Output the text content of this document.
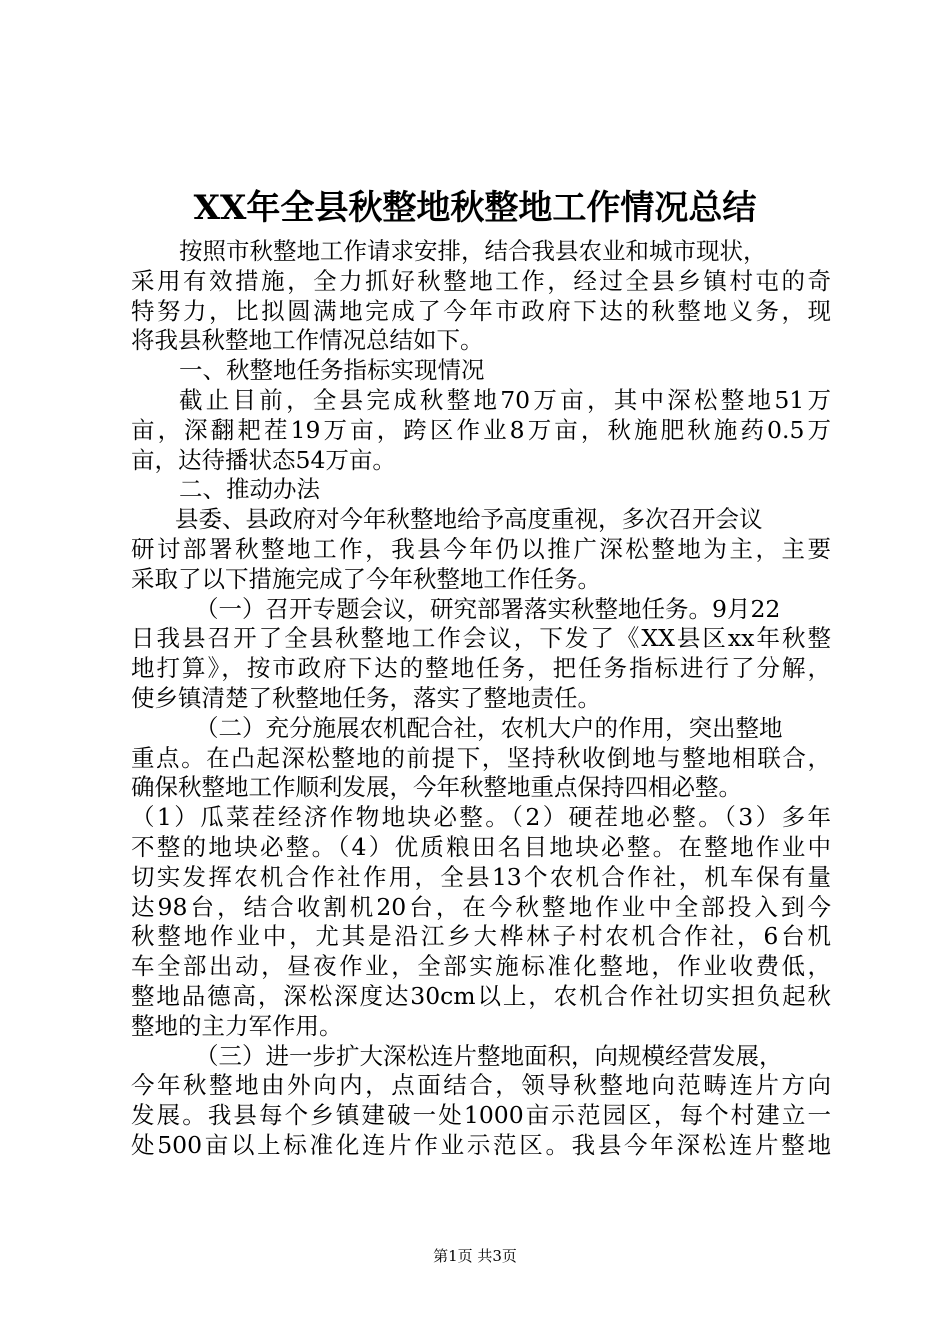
XX年全县秋整地秋整地工作情况总结
按照市秋整地工作请求安排，结合我县农业和城市现状，
采用有效措施，全力抓好秋整地工作，经过全县乡镇村屯的奇
特努力，比拟圆满地完成了今年市政府下达的秋整地义务，现
将我县秋整地工作情况总结如下。
一、秋整地任务指标实现情况
截止目前，全县完成秋整地70万亩，其中深松整地51万
亩，深翻耙茬19万亩，跨区作业8万亩，秋施肥秋施药0.5万
亩，达待播状态54万亩。
二、推动办法
县委、县政府对今年秋整地给予高度重视，多次召开会议
研讨部署秋整地工作，我县今年仍以推广深松整地为主，主要
采取了以下措施完成了今年秋整地工作任务。
（一）召开专题会议，研究部署落实秋整地任务。9月22
日我县召开了全县秋整地工作会议，下发了《XX县区xx年秋整
地打算》，按市政府下达的整地任务，把任务指标进行了分解，
使乡镇清楚了秋整地任务，落实了整地责任。
（二）充分施展农机配合社，农机大户的作用，突出整地
重点。在凸起深松整地的前提下，坚持秋收倒地与整地相联合，
确保秋整地工作顺利发展，今年秋整地重点保持四相必整。
（1）瓜菜茬经济作物地块必整。（2）硬茬地必整。（3）多年
不整的地块必整。（4）优质粮田名目地块必整。在整地作业中
切实发挥农机合作社作用，全县13个农机合作社，机车保有量
达98台，结合收割机20台，在今秋整地作业中全部投入到今
秋整地作业中，尤其是沿江乡大桦林子村农机合作社，6台机
车全部出动，昼夜作业，全部实施标准化整地，作业收费低，
整地品德高，深松深度达30cm以上，农机合作社切实担负起秋
整地的主力军作用。
（三）进一步扩大深松连片整地面积，向规模经营发展，
今年秋整地由外向内，点面结合，领导秋整地向范畴连片方向
发展。我县每个乡镇建破一处1000亩示范园区，每个村建立一
处500亩以上标准化连片作业示范区。我县今年深松连片整地
第1页 共3页
